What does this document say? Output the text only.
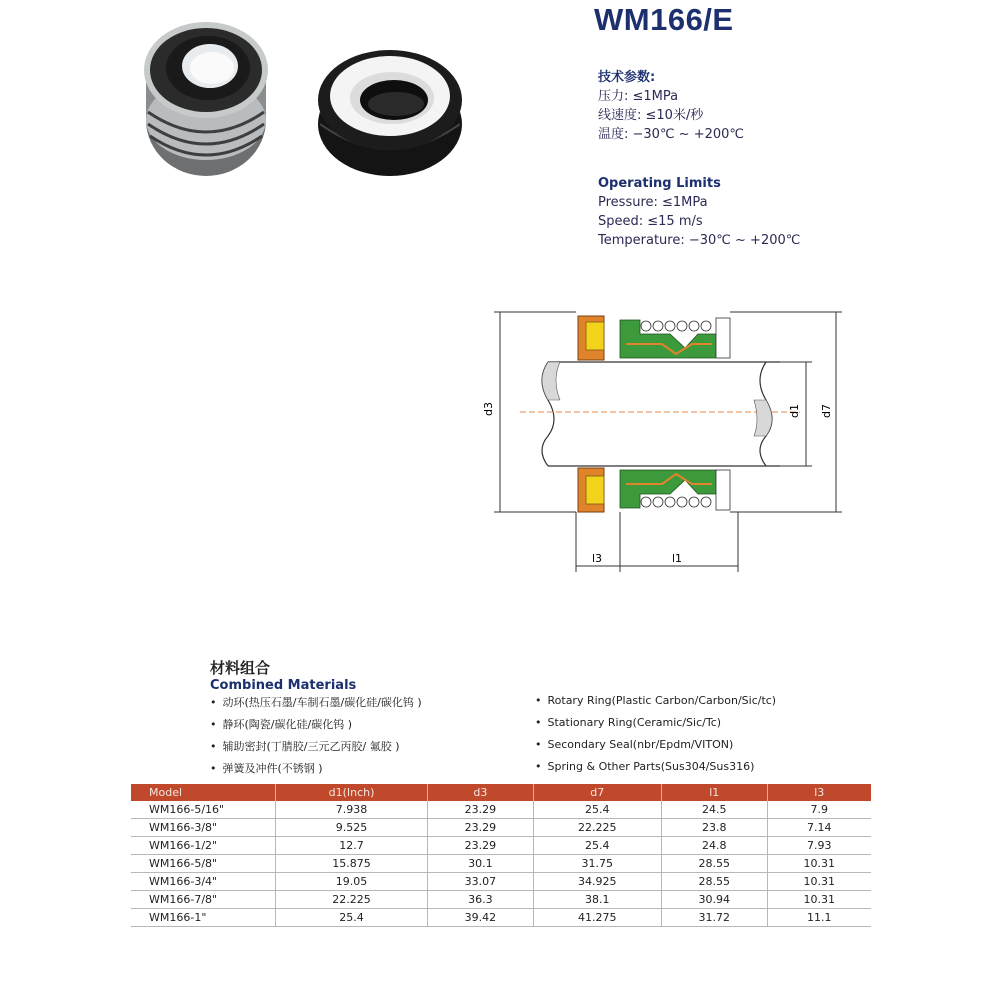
WM166/E
技术参数:
压力: ≤1MPa
线速度: ≤10米/秒
温度: −30℃ ~ +200℃
Operating Limits
Pressure: ≤1MPa
Speed: ≤15 m/s
Temperature: −30℃ ~ +200℃
d3	d1 d7
l3	l1
材料组合
Combined Materials
• 动环(热压石墨/车制石墨/碳化硅/碳化钨 )
• 静环(陶瓷/碳化硅/碳化钨 )
• 辅助密封(丁腈胶/三元乙丙胶/ 氟胶 )
• 弹簧及冲件(不锈钢 )
• Rotary Ring(Plastic Carbon/Carbon/Sic/tc)
• Stationary Ring(Ceramic/Sic/Tc)
• Secondary Seal(nbr/Epdm/VITON)
• Spring & Other Parts(Sus304/Sus316)
Model	d1(Inch)	d3	d7	l1	l3
WM166-5/16"	7.938	23.29	25.4	24.5	7.9
WM166-3/8"	9.525	23.29	22.225	23.8	7.14
WM166-1/2"	12.7	23.29	25.4	24.8	7.93
WM166-5/8"	15.875	30.1	31.75	28.55	10.31
WM166-3/4"	19.05	33.07	34.925	28.55	10.31
WM166-7/8"	22.225	36.3	38.1	30.94	10.31
WM166-1"	25.4	39.42	41.275	31.72	11.1
